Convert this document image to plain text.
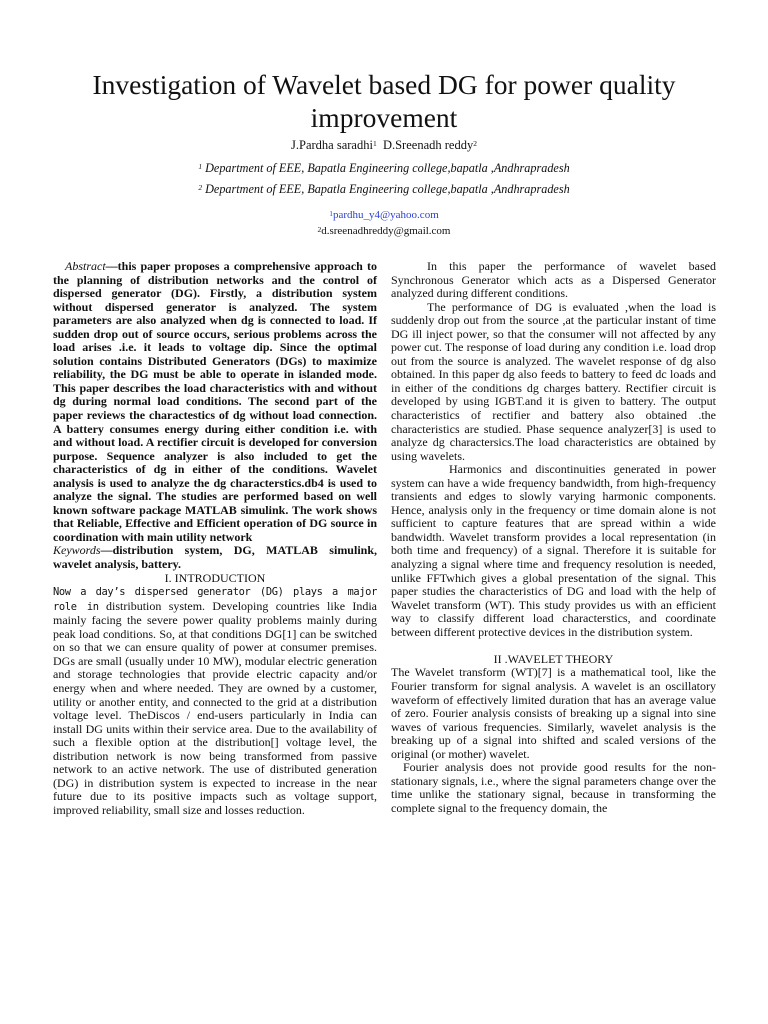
Investigation of Wavelet based DG for power quality improvement
J.Pardha saradhi$^1$ D.Sreenadh reddy$^2$
$^1$ Department of EEE, Bapatla Engineering college,bapatla ,Andhrapradesh
$^2$ Department of EEE, Bapatla Engineering college,bapatla ,Andhrapradesh
$^1$pardhu_y4@yahoo.com
$^2$d.sreenadhreddy@gmail.com

Abstract—this paper proposes a comprehensive approach to the planning of distribution networks and the control of dispersed generator (DG). Firstly, a distribution system without dispersed generator is analyzed. The system parameters are also analyzed when dg is connected to load. If sudden drop out of source occurs, serious problems across the load arises .i.e. it leads to voltage dip. Since the optimal solution contains Distributed Generators (DGs) to maximize reliability, the DG must be able to operate in islanded mode. This paper describes the load characteristics with and without dg during normal load conditions. The second part of the paper reviews the charactestics of dg without load connection. A battery consumes energy during either condition i.e. with and without load. A rectifier circuit is developed for conversion purpose. Sequence analyzer is also included to get the characteristics of dg in either of the conditions. Wavelet analysis is used to analyze the dg characterstics.db4 is used to analyze the signal. The studies are performed based on well known software package MATLAB simulink. The work shows that Reliable, Effective and Efficient operation of DG source in coordination with main utility network

Keywords—distribution system, DG, MATLAB simulink, wavelet analysis, battery.

I. INTRODUCTION

Now a day’s dispersed generator (DG) plays a major role in distribution system. Developing countries like India mainly facing the severe power quality problems mainly during peak load conditions. So, at that conditions DG[1] can be switched on so that we can ensure quality of power at consumer premises. DGs are small (usually under 10 MW), modular electric generation and storage technologies that provide electric capacity and/or energy when and where needed. They are owned by a customer, utility or another entity, and connected to the grid at a distribution voltage level. TheDiscos / end-users particularly in India can install DG units within their service area. Due to the availability of such a flexible option at the distribution[] voltage level, the distribution network is now being transformed from passive network to an active network. The use of distributed generation (DG) in distribution system is expected to increase in the near future due to its positive impacts such as voltage support, improved reliability, small size and losses reduction.

In this paper the performance of wavelet based Synchronous Generator which acts as a Dispersed Generator analyzed during different conditions.

The performance of DG is evaluated ,when the load is suddenly drop out from the source ,at the particular instant of time DG ill inject power, so that the consumer will not affected by any power cut. The response of load during any condition i.e. load drop out from the source is analyzed. The wavelet response of dg also obtained. In this paper dg also feeds to battery to feed dc loads and in either of the conditions dg charges battery. Rectifier circuit is developed by using IGBT.and it is given to battery. The output characteristics of rectifier and battery also obtained .the characteristics are studied. Phase sequence analyzer[3] is used to analyze dg charactersics.The load characteristics are obtained by using wavelets.

Harmonics and discontinuities generated in power system can have a wide frequency bandwidth, from high-frequency transients and edges to slowly varying harmonic components. Hence, analysis only in the frequency or time domain alone is not sufficient to capture features that are spread within a wide bandwidth. Wavelet transform provides a local representation (in both time and frequency) of a signal. Therefore it is suitable for analyzing a signal where time and frequency resolution is needed, unlike FFTwhich gives a global presentation of the signal. This paper studies the characteristics of DG and load with the help of Wavelet transform (WT). This study provides us with an efficient way to classify different load characterstics, and coordinate between different protective devices in the distribution system.

II .WAVELET THEORY

The Wavelet transform (WT)[7] is a mathematical tool, like the Fourier transform for signal analysis. A wavelet is an oscillatory waveform of effectively limited duration that has an average value of zero. Fourier analysis consists of breaking up a signal into sine waves of various frequencies. Similarly, wavelet analysis is the breaking up of a signal into shifted and scaled versions of the original (or mother) wavelet.

Fourier analysis does not provide good results for the non-stationary signals, i.e., where the signal parameters change over the time unlike the stationary signal, because in transforming the complete signal to the frequency domain, the
